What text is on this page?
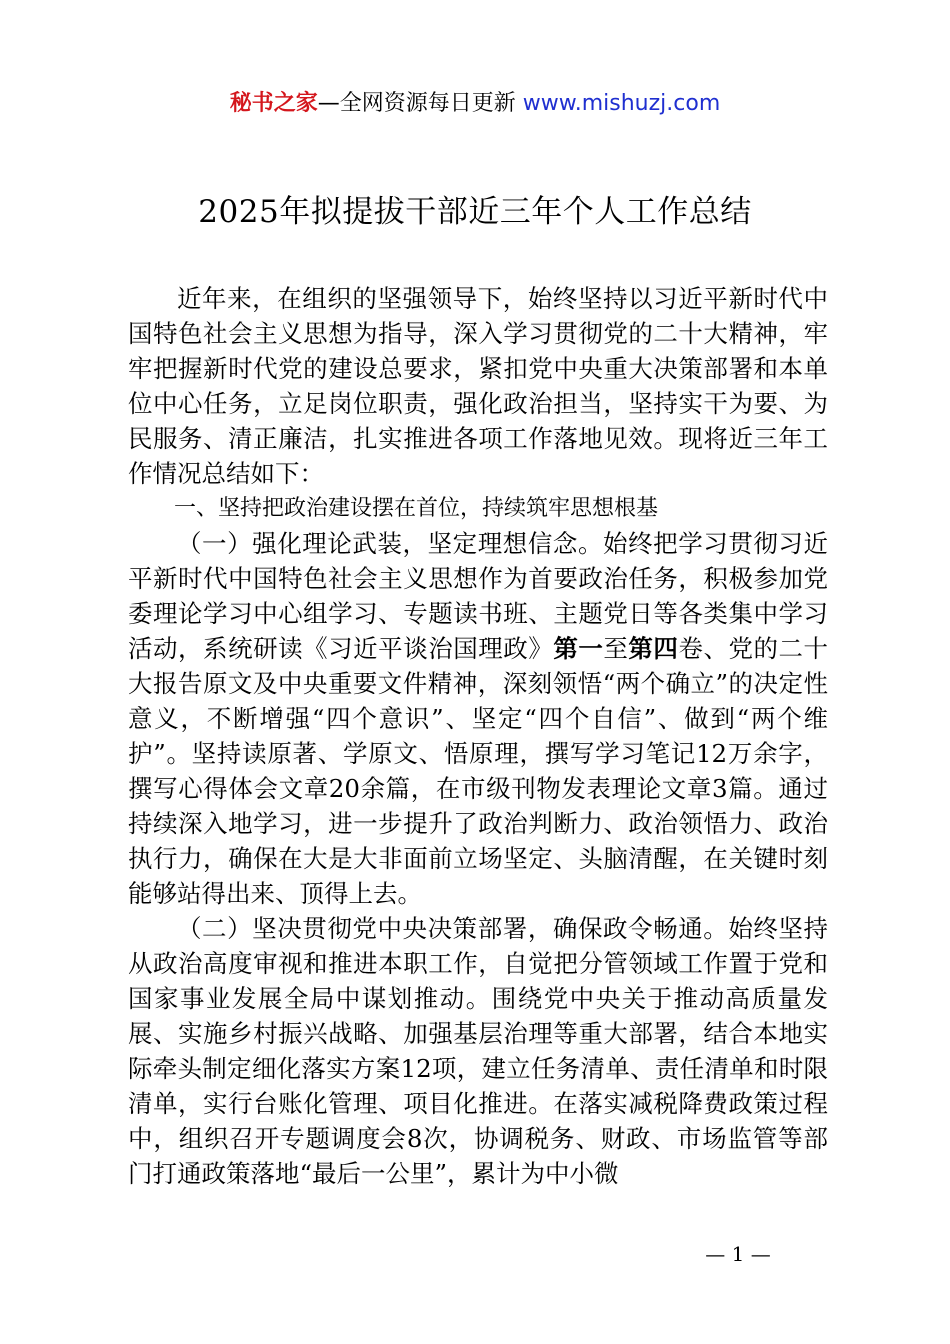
秘书之家—全网资源每日更新 www.mishuzj.com
2025年拟提拔干部近三年个人工作总结

近年来，在组织的坚强领导下，始终坚持以习近平新时代中国特色社会主义思想为指导，深入学习贯彻党的二十大精神，牢牢把握新时代党的建设总要求，紧扣党中央重大决策部署和本单位中心任务，立足岗位职责，强化政治担当，坚持实干为要、为民服务、清正廉洁，扎实推进各项工作落地见效。现将近三年工作情况总结如下：

一、坚持把政治建设摆在首位，持续筑牢思想根基

（一）强化理论武装，坚定理想信念。始终把学习贯彻习近平新时代中国特色社会主义思想作为首要政治任务，积极参加党委理论学习中心组学习、专题读书班、主题党日等各类集中学习活动，系统研读《习近平谈治国理政》第一至第四卷、党的二十大报告原文及中央重要文件精神，深刻领悟“两个确立”的决定性意义，不断增强“四个意识”、坚定“四个自信”、做到“两个维护”。坚持读原著、学原文、悟原理，撰写学习笔记12万余字，撰写心得体会文章20余篇，在市级刊物发表理论文章3篇。通过持续深入地学习，进一步提升了政治判断力、政治领悟力、政治执行力，确保在大是大非面前立场坚定、头脑清醒，在关键时刻能够站得出来、顶得上去。

（二）坚决贯彻党中央决策部署，确保政令畅通。始终坚持从政治高度审视和推进本职工作，自觉把分管领域工作置于党和国家事业发展全局中谋划推动。围绕党中央关于推动高质量发展、实施乡村振兴战略、加强基层治理等重大部署，结合本地实际牵头制定细化落实方案12项，建立任务清单、责任清单和时限清单，实行台账化管理、项目化推进。在落实减税降费政策过程中，组织召开专题调度会8次，协调税务、财政、市场监管等部门打通政策落地“最后一公里”，累计为中小微

— 1 —
